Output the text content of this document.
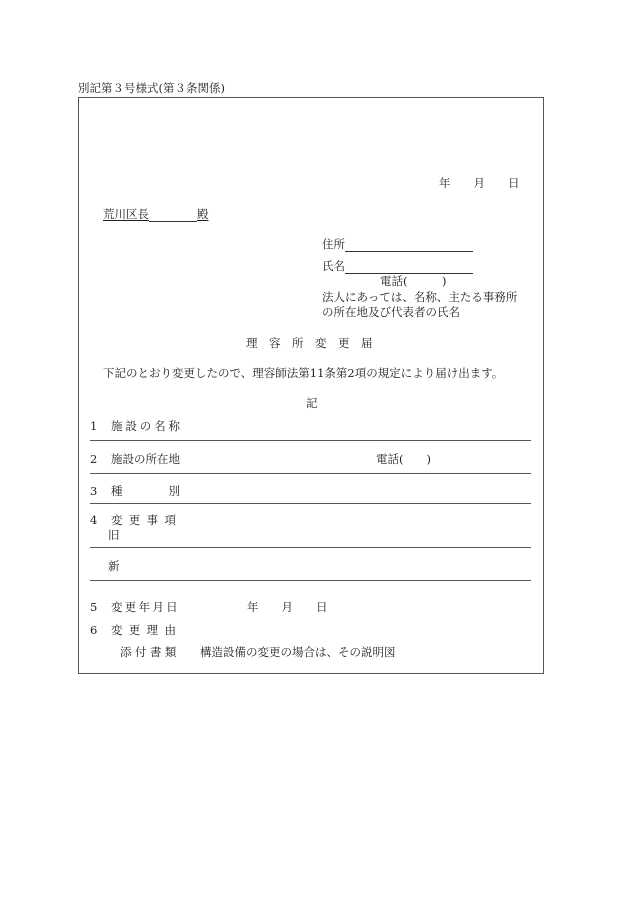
別記第３号様式(第３条関係)
年　　月　　日
荒川区長	殿
住所
氏名
電話(　　　)
法人にあっては、名称、主たる事務所
の所在地及び代表者の氏名
理　容　所　変　更　届
下記のとおり変更したので、理容師法第11条第2項の規定により届け出ます。
記
1 施設の名称
2 施設の所在地	電話(　　)
3 種　　　　別
4 変更事項
旧
新
5 変更年月日	年　　月　　日
6 変更理由
添付書類 構造設備の変更の場合は、その説明図
